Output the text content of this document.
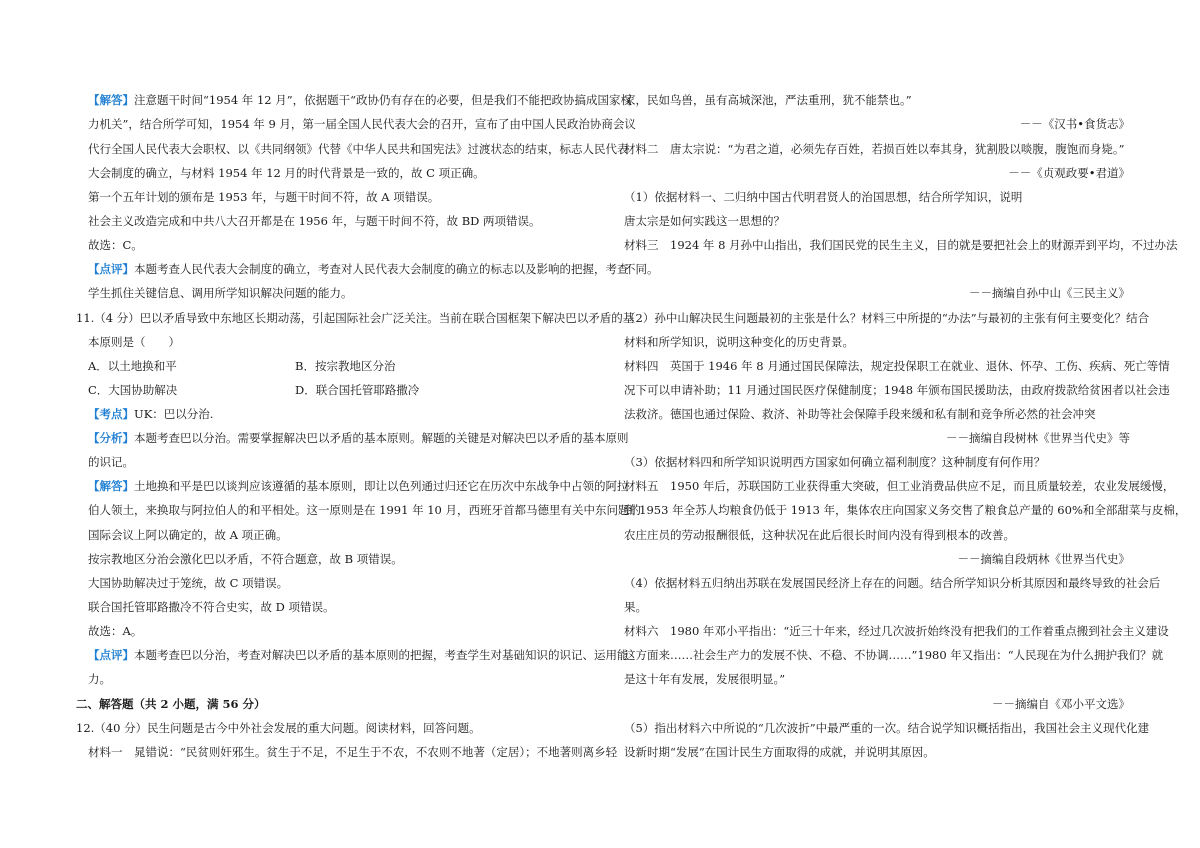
【解答】注意题干时间“1954 年 12 月”，依据题干“政协仍有存在的必要，但是我们不能把政协搞成国家权
力机关”，结合所学可知，1954 年 9 月，第一届全国人民代表大会的召开，宣布了由中国人民政治协商会议
代行全国人民代表大会职权、以《共同纲领》代替《中华人民共和国宪法》过渡状态的结束，标志人民代表
大会制度的确立，与材料 1954 年 12 月的时代背景是一致的，故 C 项正确。
第一个五年计划的颁布是 1953 年，与题干时间不符，故 A 项错误。
社会主义改造完成和中共八大召开都是在 1956 年，与题干时间不符，故 BD 两项错误。
故选：C。
【点评】本题考查人民代表大会制度的确立，考查对人民代表大会制度的确立的标志以及影响的把握，考查
学生抓住关键信息、调用所学知识解决问题的能力。
11.（4 分）巴以矛盾导致中东地区长期动荡，引起国际社会广泛关注。当前在联合国框架下解决巴以矛盾的基
本原则是（　　）
A．以土地换和平	B．按宗教地区分治
C．大国协助解决	D．联合国托管耶路撒冷
【考点】UK：巴以分治.
【分析】本题考查巴以分治。需要掌握解决巴以矛盾的基本原则。解题的关键是对解决巴以矛盾的基本原则
的识记。
【解答】土地换和平是巴以谈判应该遵循的基本原则，即让以色列通过归还它在历次中东战争中占领的阿拉
伯人领土，来换取与阿拉伯人的和平相处。这一原则是在 1991 年 10 月，西班牙首都马德里有关中东问题的
国际会议上阿以确定的，故 A 项正确。
按宗教地区分治会激化巴以矛盾，不符合题意，故 B 项错误。
大国协助解决过于笼统，故 C 项错误。
联合国托管耶路撒冷不符合史实，故 D 项错误。
故选：A。
【点评】本题考查巴以分治，考查对解决巴以矛盾的基本原则的把握，考查学生对基础知识的识记、运用能
力。
二、解答题（共 2 小题，满 56 分）
12.（40 分）民生问题是古今中外社会发展的重大问题。阅读材料，回答问题。
材料一　晁错说：“民贫则奸邪生。贫生于不足，不足生于不农，不农则不地著（定居）；不地著则离乡轻
家，民如鸟兽，虽有高城深池，严法重刑，犹不能禁也。”
－－《汉书•食货志》
材料二　唐太宗说：“为君之道，必须先存百姓，若损百姓以奉其身，犹割股以啖腹，腹饱而身毙。”
－－《贞观政要•君道》
（1）依据材料一、二归纳中国古代明君贤人的治国思想，结合所学知识，说明
唐太宗是如何实践这一思想的？
材料三　1924 年 8 月孙中山指出，我们国民党的民生主义，目的就是要把社会上的财源弄到平均，不过办法
不同。
－－摘编自孙中山《三民主义》
（2）孙中山解决民生问题最初的主张是什么？材料三中所提的“办法”与最初的主张有何主要变化？结合
材料和所学知识，说明这种变化的历史背景。
材料四　英国于 1946 年 8 月通过国民保障法，规定投保职工在就业、退休、怀孕、工伤、疾病、死亡等情
况下可以申请补助；11 月通过国民医疗保健制度；1948 年颁布国民援助法，由政府拨款给贫困者以社会违
法救济。德国也通过保险、救济、补助等社会保障手段来缓和私有制和竞争所必然的社会冲突
－－摘编自段树林《世界当代史》等
（3）依据材料四和所学知识说明西方国家如何确立福利制度？这种制度有何作用？
材料五　1950 年后，苏联国防工业获得重大突破，但工业消费品供应不足，而且质量较差，农业发展缓慢，
到 1953 年全苏人均粮食仍低于 1913 年，集体农庄向国家义务交售了粮食总产量的 60%和全部甜菜与皮棉，
农庄庄员的劳动报酬很低，这种状况在此后很长时间内没有得到根本的改善。
－－摘编自段炳林《世界当代史》
（4）依据材料五归纳出苏联在发展国民经济上存在的问题。结合所学知识分析其原因和最终导致的社会后
果。
材料六　1980 年邓小平指出：“近三十年来，经过几次波折始终没有把我们的工作着重点搬到社会主义建设
这方面来……社会生产力的发展不快、不稳、不协调……”1980 年又指出：“人民现在为什么拥护我们？就
是这十年有发展，发展很明显。”
－－摘编自《邓小平文选》
（5）指出材料六中所说的“几次波折”中最严重的一次。结合说学知识概括指出，我国社会主义现代化建
设新时期“发展”在国计民生方面取得的成就，并说明其原因。
